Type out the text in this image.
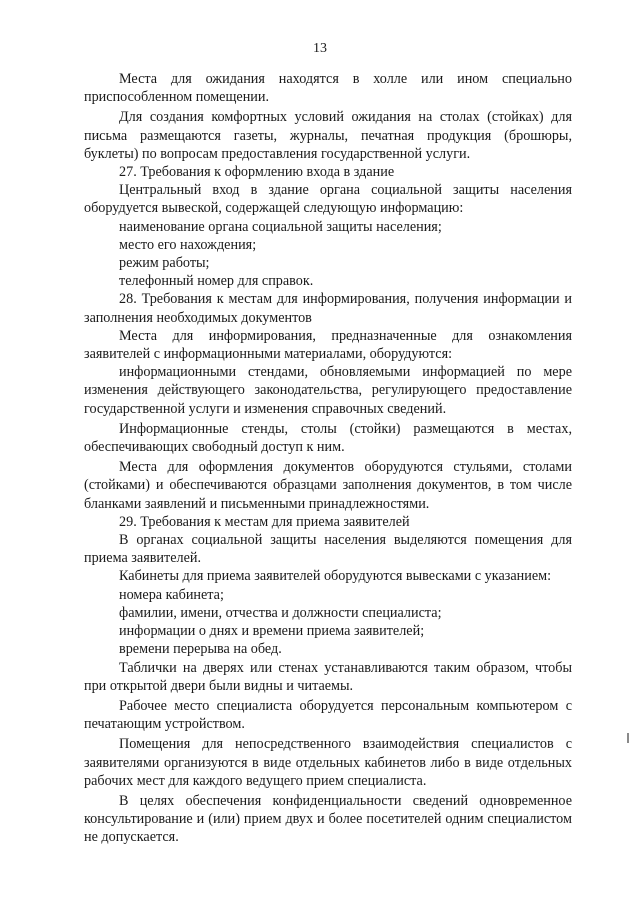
13

Места для ожидания находятся в холле или ином специально приспособленном помещении.

Для создания комфортных условий ожидания на столах (стойках) для письма размещаются газеты, журналы, печатная продукция (брошюры, буклеты) по вопросам предоставления государственной услуги.

27. Требования к оформлению входа в здание

Центральный вход в здание органа социальной защиты населения оборудуется вывеской, содержащей следующую информацию:

наименование органа социальной защиты населения;

место его нахождения;

режим работы;

телефонный номер для справок.

28. Требования к местам для информирования, получения информации и заполнения необходимых документов

Места для информирования, предназначенные для ознакомления заявителей с информационными материалами, оборудуются:

информационными стендами, обновляемыми информацией по мере изменения действующего законодательства, регулирующего предоставление государственной услуги и изменения справочных сведений.

Информационные стенды, столы (стойки) размещаются в местах, обеспечивающих свободный доступ к ним.

Места для оформления документов оборудуются стульями, столами (стойками) и обеспечиваются образцами заполнения документов, в том числе бланками заявлений и письменными принадлежностями.

29. Требования к местам для приема заявителей

В органах социальной защиты населения выделяются помещения для приема заявителей.

Кабинеты для приема заявителей оборудуются вывесками с указанием:

номера кабинета;

фамилии, имени, отчества и должности специалиста;

информации о днях и времени приема заявителей;

времени перерыва на обед.

Таблички на дверях или стенах устанавливаются таким образом, чтобы при открытой двери были видны и читаемы.

Рабочее место специалиста оборудуется персональным компьютером с печатающим устройством.

Помещения для непосредственного взаимодействия специалистов с заявителями организуются в виде отдельных кабинетов либо в виде отдельных рабочих мест для каждого ведущего прием специалиста.

В целях обеспечения конфиденциальности сведений одновременное консультирование и (или) прием двух и более посетителей одним специалистом не допускается.
